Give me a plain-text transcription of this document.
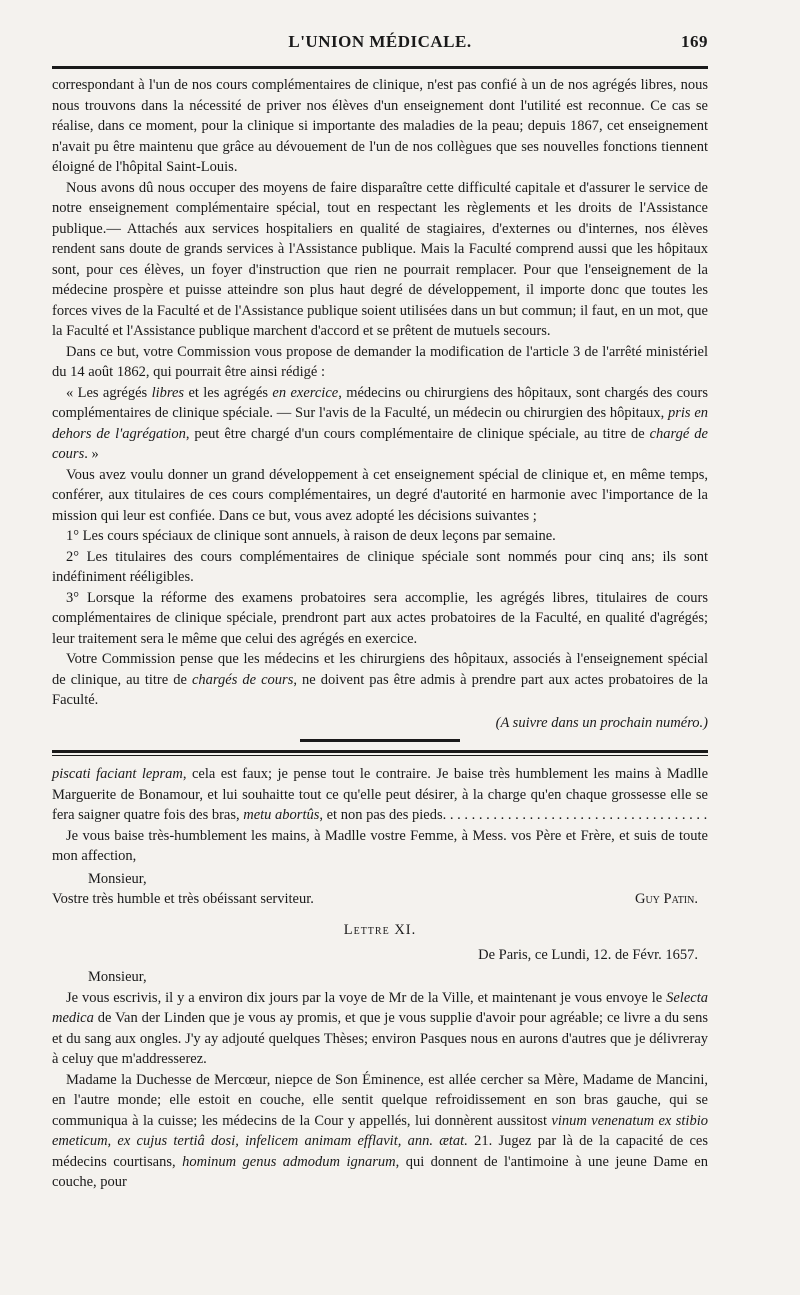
L'UNION MÉDICALE.	169

correspondant à l'un de nos cours complémentaires de clinique, n'est pas confié à un de nos agrégés libres, nous nous trouvons dans la nécessité de priver nos élèves d'un enseignement dont l'utilité est reconnue. Ce cas se réalise, dans ce moment, pour la clinique si importante des maladies de la peau; depuis 1867, cet enseignement n'avait pu être maintenu que grâce au dévouement de l'un de nos collègues que ses nouvelles fonctions tiennent éloigné de l'hôpital Saint-Louis.

Nous avons dû nous occuper des moyens de faire disparaître cette difficulté capitale et d'assurer le service de notre enseignement complémentaire spécial, tout en respectant les règlements et les droits de l'Assistance publique.— Attachés aux services hospitaliers en qualité de stagiaires, d'externes ou d'internes, nos élèves rendent sans doute de grands services à l'Assistance publique. Mais la Faculté comprend aussi que les hôpitaux sont, pour ces élèves, un foyer d'instruction que rien ne pourrait remplacer. Pour que l'enseignement de la médecine prospère et puisse atteindre son plus haut degré de développement, il importe donc que toutes les forces vives de la Faculté et de l'Assistance publique soient utilisées dans un but commun; il faut, en un mot, que la Faculté et l'Assistance publique marchent d'accord et se prêtent de mutuels secours.

Dans ce but, votre Commission vous propose de demander la modification de l'article 3 de l'arrêté ministériel du 14 août 1862, qui pourrait être ainsi rédigé :

« Les agrégés libres et les agrégés en exercice, médecins ou chirurgiens des hôpitaux, sont chargés des cours complémentaires de clinique spéciale. — Sur l'avis de la Faculté, un médecin ou chirurgien des hôpitaux, pris en dehors de l'agrégation, peut être chargé d'un cours complémentaire de clinique spéciale, au titre de chargé de cours. »

Vous avez voulu donner un grand développement à cet enseignement spécial de clinique et, en même temps, conférer, aux titulaires de ces cours complémentaires, un degré d'autorité en harmonie avec l'importance de la mission qui leur est confiée. Dans ce but, vous avez adopté les décisions suivantes ;

1° Les cours spéciaux de clinique sont annuels, à raison de deux leçons par semaine.

2° Les titulaires des cours complémentaires de clinique spéciale sont nommés pour cinq ans; ils sont indéfiniment rééligibles.

3° Lorsque la réforme des examens probatoires sera accomplie, les agrégés libres, titulaires de cours complémentaires de clinique spéciale, prendront part aux actes probatoires de la Faculté, en qualité d'agrégés; leur traitement sera le même que celui des agrégés en exercice.

Votre Commission pense que les médecins et les chirurgiens des hôpitaux, associés à l'enseignement spécial de clinique, au titre de chargés de cours, ne doivent pas être admis à prendre part aux actes probatoires de la Faculté.

(A suivre dans un prochain numéro.)

piscati faciant lepram, cela est faux; je pense tout le contraire. Je baise très humblement les mains à Madlle Marguerite de Bonamour, et lui souhaitte tout ce qu'elle peut désirer, à la charge qu'en chaque grossesse elle se fera saigner quatre fois des bras, metu abortûs, et non pas des pieds. . . . . . . . . . . . . . . . . . . . . . . . . . . . . . . . . . . . .

Je vous baise très-humblement les mains, à Madlle vostre Femme, à Mess. vos Père et Frère, et suis de toute mon affection,

Monsieur,

Vostre très humble et très obéissant serviteur.	Guy Patin.

Lettre XI.

De Paris, ce Lundi, 12. de Févr. 1657.

Monsieur,

Je vous escrivis, il y a environ dix jours par la voye de Mr de la Ville, et maintenant je vous envoye le Selecta medica de Van der Linden que je vous ay promis, et que je vous supplie d'avoir pour agréable; ce livre a du sens et du sang aux ongles. J'y ay adjouté quelques Thèses; environ Pasques nous en aurons d'autres que je délivreray à celuy que m'addresserez.

Madame la Duchesse de Mercœur, niepce de Son Éminence, est allée cercher sa Mère, Madame de Mancini, en l'autre monde; elle estoit en couche, elle sentit quelque refroidissement en son bras gauche, qui se communiqua à la cuisse; les médecins de la Cour y appellés, lui donnèrent aussitost vinum venenatum ex stibio emeticum, ex cujus tertiâ dosi, infelicem animam efflavit, ann. ætat. 21. Jugez par là de la capacité de ces médecins courtisans, hominum genus admodum ignarum, qui donnent de l'antimoine à une jeune Dame en couche, pour
